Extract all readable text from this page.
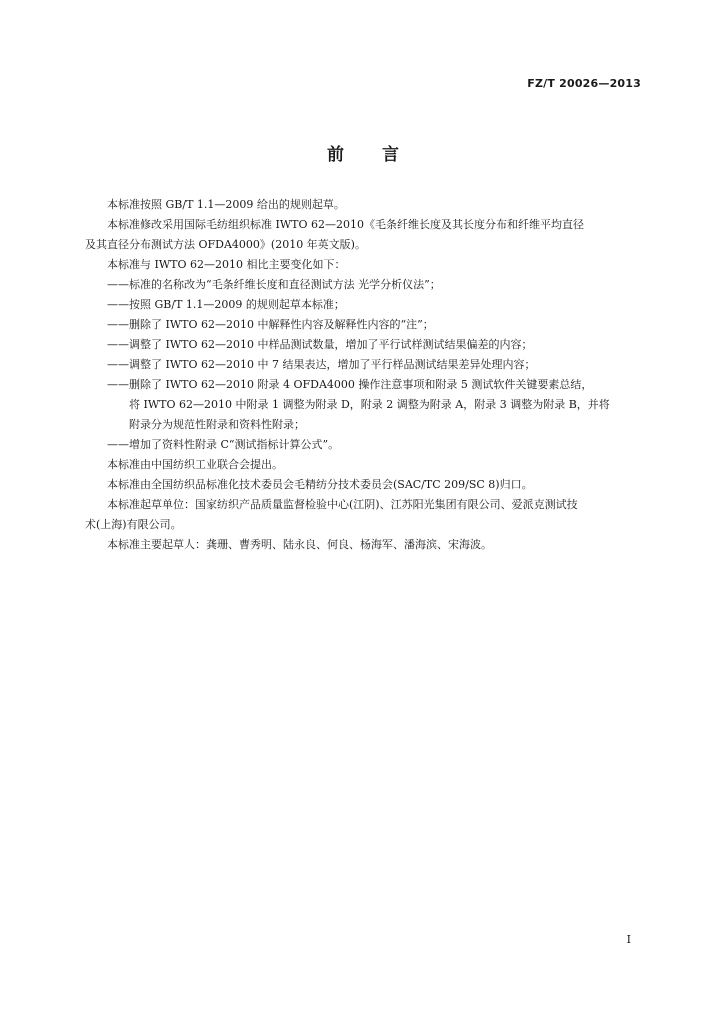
FZ/T 20026—2013
前言

本标准按照 GB/T 1.1—2009 给出的规则起草。

本标准修改采用国际毛纺组织标准 IWTO 62—2010《毛条纤维长度及其长度分布和纤维平均直径

及其直径分布测试方法 OFDA4000》(2010 年英文版)。

本标准与 IWTO 62—2010 相比主要变化如下：

——标准的名称改为“毛条纤维长度和直径测试方法 光学分析仪法”；

——按照 GB/T 1.1—2009 的规则起草本标准；

——删除了 IWTO 62—2010 中解释性内容及解释性内容的“注”；

——调整了 IWTO 62—2010 中样品测试数量，增加了平行试样测试结果偏差的内容；

——调整了 IWTO 62—2010 中 7 结果表达，增加了平行样品测试结果差异处理内容；

——删除了 IWTO 62—2010 附录 4 OFDA4000 操作注意事项和附录 5 测试软件关键要素总结，

将 IWTO 62—2010 中附录 1 调整为附录 D，附录 2 调整为附录 A，附录 3 调整为附录 B，并将

附录分为规范性附录和资料性附录；

——增加了资料性附录 C“测试指标计算公式”。

本标准由中国纺织工业联合会提出。

本标准由全国纺织品标准化技术委员会毛精纺分技术委员会(SAC/TC 209/SC 8)归口。

本标准起草单位：国家纺织产品质量监督检验中心(江阴)、江苏阳光集团有限公司、爱派克测试技

术(上海)有限公司。

本标准主要起草人：龚珊、曹秀明、陆永良、何良、杨海军、潘海滨、宋海波。

I
